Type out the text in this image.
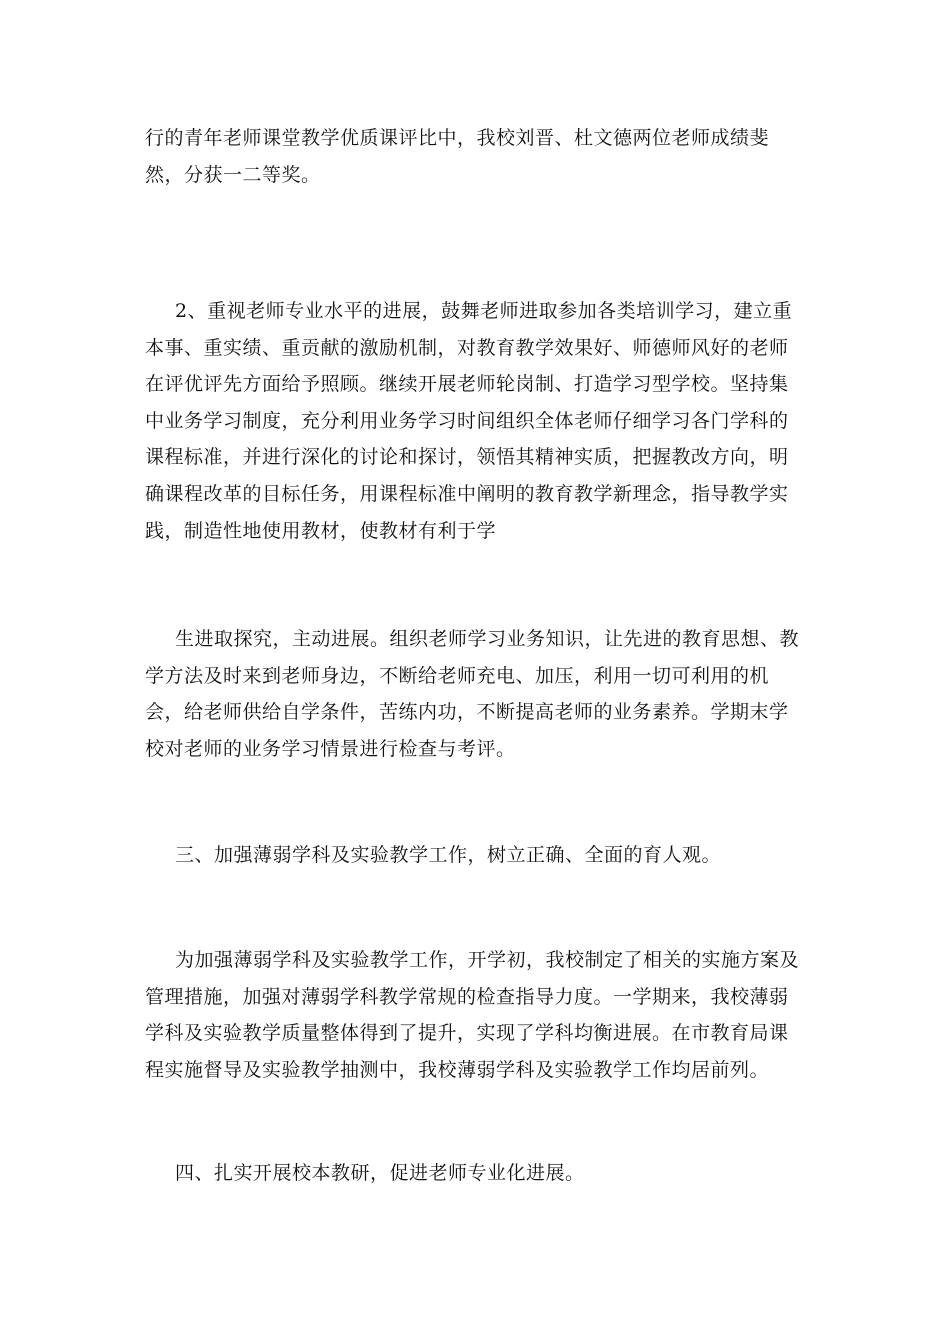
行的青年老师课堂教学优质课评比中，我校刘晋、杜文德两位老师成绩斐然，分获一二等奖。

2、重视老师专业水平的进展，鼓舞老师进取参加各类培训学习，建立重本事、重实绩、重贡献的激励机制，对教育教学效果好、师德师风好的老师在评优评先方面给予照顾。继续开展老师轮岗制、打造学习型学校。坚持集中业务学习制度，充分利用业务学习时间组织全体老师仔细学习各门学科的课程标准，并进行深化的讨论和探讨，领悟其精神实质，把握教改方向，明确课程改革的目标任务，用课程标准中阐明的教育教学新理念，指导教学实践，制造性地使用教材，使教材有利于学

生进取探究，主动进展。组织老师学习业务知识，让先进的教育思想、教学方法及时来到老师身边，不断给老师充电、加压，利用一切可利用的机会，给老师供给自学条件，苦练内功，不断提高老师的业务素养。学期末学校对老师的业务学习情景进行检查与考评。

三、加强薄弱学科及实验教学工作，树立正确、全面的育人观。

为加强薄弱学科及实验教学工作，开学初，我校制定了相关的实施方案及管理措施，加强对薄弱学科教学常规的检查指导力度。一学期来，我校薄弱学科及实验教学质量整体得到了提升，实现了学科均衡进展。在市教育局课程实施督导及实验教学抽测中，我校薄弱学科及实验教学工作均居前列。

四、扎实开展校本教研，促进老师专业化进展。
